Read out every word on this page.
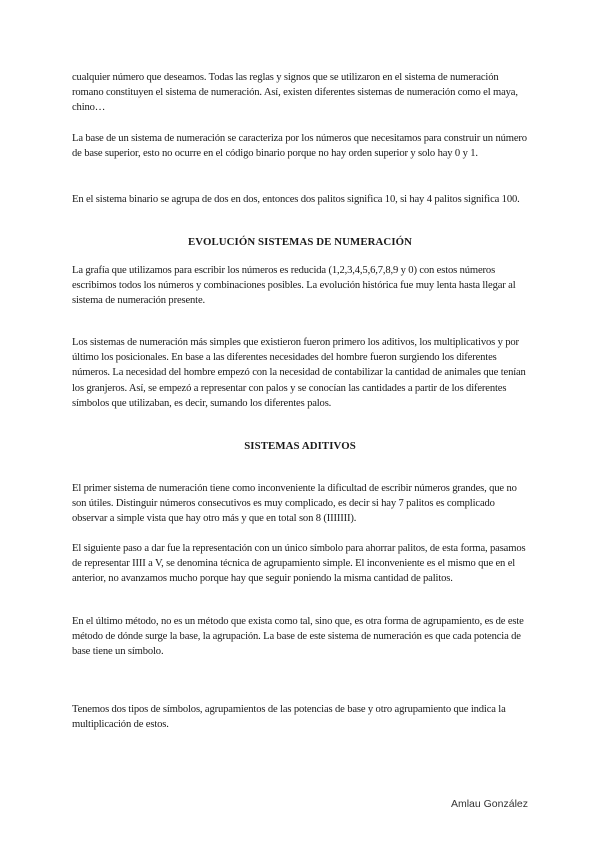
cualquier número que deseamos. Todas las reglas y signos que se utilizaron en el sistema de numeración romano constituyen el sistema de numeración. Así, existen diferentes sistemas de numeración como el maya, chino…

La base de un sistema de numeración se caracteriza por los números que necesitamos para construir un número de base superior, esto no ocurre en el código binario porque no hay orden superior y solo hay 0 y 1.

En el sistema binario se agrupa de dos en dos, entonces dos palitos significa 10, si hay 4 palitos significa 100.

EVOLUCIÓN SISTEMAS DE NUMERACIÓN

La grafía que utilizamos para escribir los números es reducida (1,2,3,4,5,6,7,8,9 y 0) con estos números escribimos todos los números y combinaciones posibles. La evolución histórica fue muy lenta hasta llegar al sistema de numeración presente.

Los sistemas de numeración más simples que existieron fueron primero los aditivos, los multiplicativos y por último los posicionales. En base a las diferentes necesidades del hombre fueron surgiendo los diferentes números. La necesidad del hombre empezó con la necesidad de contabilizar la cantidad de animales que tenían los granjeros. Así, se empezó a representar con palos y se conocían las cantidades a partir de los diferentes símbolos que utilizaban, es decir, sumando los diferentes palos.

SISTEMAS ADITIVOS

El primer sistema de numeración tiene como inconveniente la dificultad de escribir números grandes, que no son útiles. Distinguir números consecutivos es muy complicado, es decir si hay 7 palitos es complicado observar a simple vista que hay otro más y que en total son 8 (IIIIIII).

El siguiente paso a dar fue la representación con un único símbolo para ahorrar palitos, de esta forma, pasamos de representar IIII a V, se denomina técnica de agrupamiento simple. El inconveniente es el mismo que en el anterior, no avanzamos mucho porque hay que seguir poniendo la misma cantidad de palitos.

En el último método, no es un método que exista como tal, sino que, es otra forma de agrupamiento, es de este método de dónde surge la base, la agrupación. La base de este sistema de numeración es que cada potencia de base tiene un símbolo.

Tenemos dos tipos de símbolos, agrupamientos de las potencias de base y otro agrupamiento que indica la multiplicación de estos.

Amlau González
